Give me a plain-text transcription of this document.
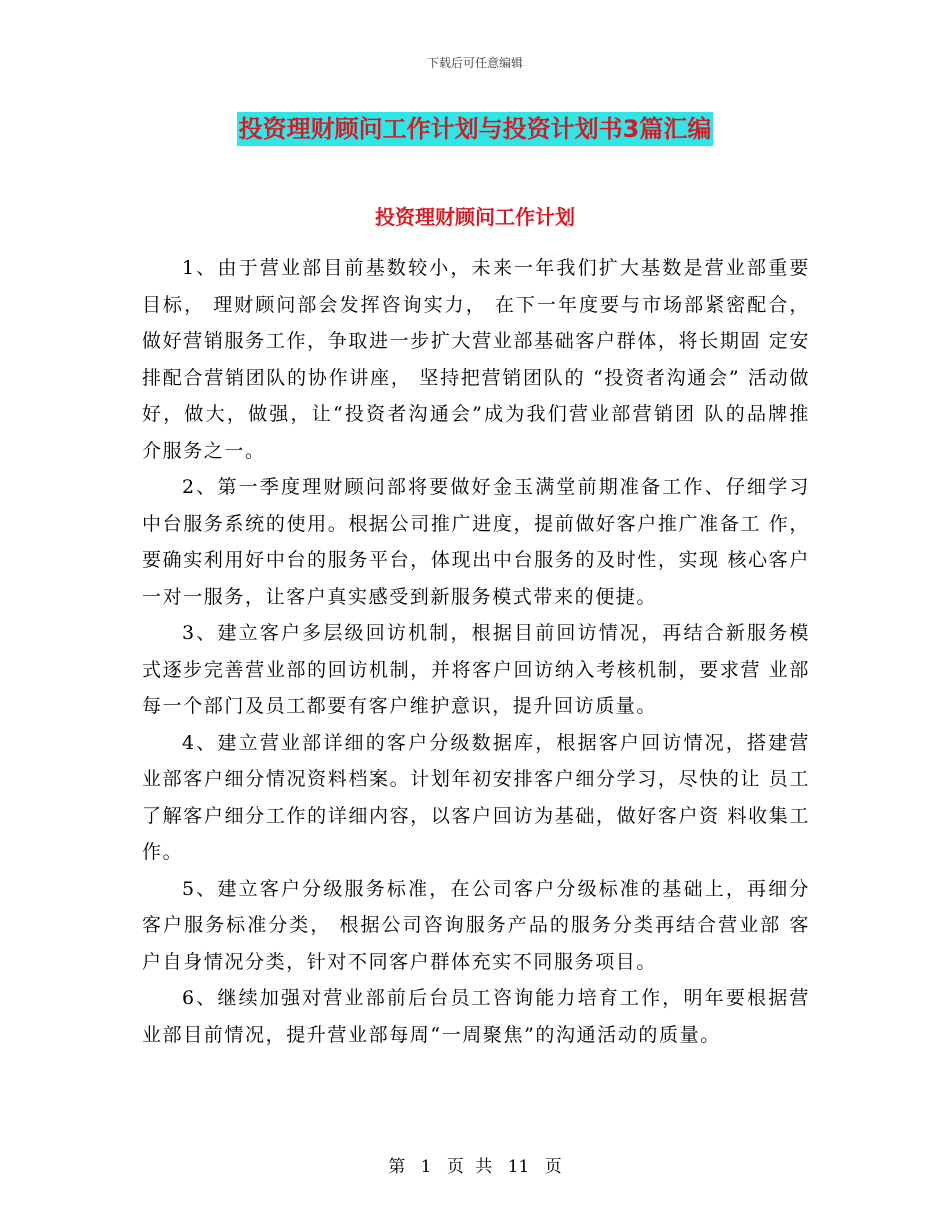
下载后可任意编辑
投资理财顾问工作计划与投资计划书3篇汇编
投资理财顾问工作计划

1、由于营业部目前基数较小，未来一年我们扩大基数是营业部重要 目标， 理财顾问部会发挥咨询实力， 在下一年度要与市场部紧密配合， 做好营销服务工作，争取进一步扩大营业部基础客户群体，将长期固 定安排配合营销团队的协作讲座， 坚持把营销团队的 “投资者沟通会” 活动做好，做大，做强，让“投资者沟通会”成为我们营业部营销团 队的品牌推介服务之一。

2、第一季度理财顾问部将要做好金玉满堂前期准备工作、仔细学习 中台服务系统的使用。根据公司推广进度，提前做好客户推广准备工 作，要确实利用好中台的服务平台，体现出中台服务的及时性，实现 核心客户一对一服务，让客户真实感受到新服务模式带来的便捷。

3、建立客户多层级回访机制，根据目前回访情况，再结合新服务模 式逐步完善营业部的回访机制，并将客户回访纳入考核机制，要求营 业部每一个部门及员工都要有客户维护意识，提升回访质量。

4、建立营业部详细的客户分级数据库，根据客户回访情况，搭建营 业部客户细分情况资料档案。计划年初安排客户细分学习，尽快的让 员工了解客户细分工作的详细内容，以客户回访为基础，做好客户资 料收集工作。

5、建立客户分级服务标准，在公司客户分级标准的基础上，再细分 客户服务标准分类， 根据公司咨询服务产品的服务分类再结合营业部 客户自身情况分类，针对不同客户群体充实不同服务项目。

6、继续加强对营业部前后台员工咨询能力培育工作，明年要根据营 业部目前情况，提升营业部每周“一周聚焦”的沟通活动的质量。

第 1 页 共 11 页
